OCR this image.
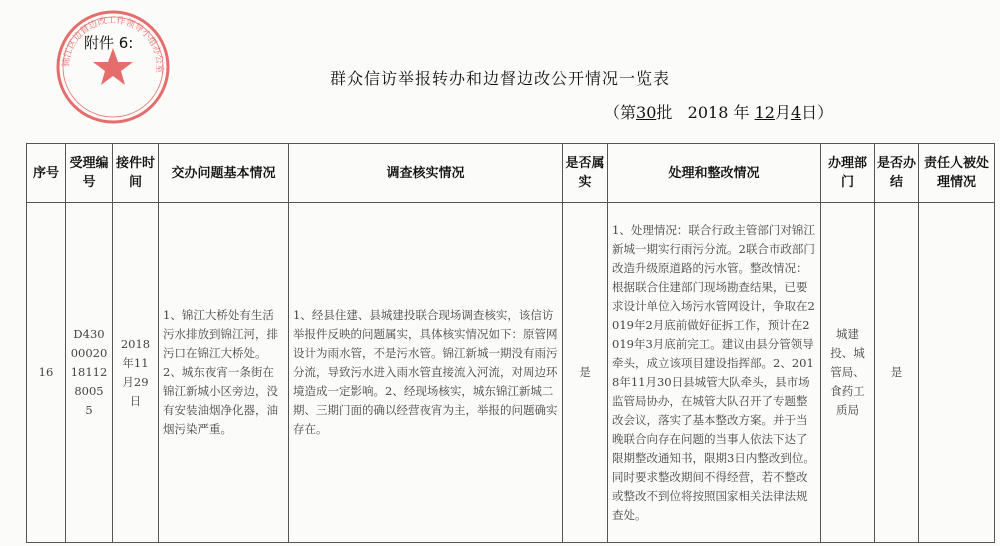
锦江区边督边改工作领导小组办公室
附件 6:
群众信访举报转办和边督边改公开情况一览表
（第30批 2018 年 12月4日）
序号	受理编号	接件时间	交办问题基本情况	调查核实情况	是否属实	处理和整改情况	办理部门	是否办结	责任人被处理情况
16	D43000020181128005 5	2018年11月29日	1、锦江大桥处有生活污水排放到锦江河，排污口在锦江大桥处。2、城东夜宵一条街在锦江新城小区旁边，没有安装油烟净化器，油烟污染严重。	1、经县住建、县城建投联合现场调查核实，该信访举报件反映的问题属实，具体核实情况如下：原管网设计为雨水管，不是污水管。锦江新城一期没有雨污分流，导致污水进入雨水管直接流入河流，对周边环境造成一定影响。2、经现场核实，城东锦江新城二期、三期门面的确以经营夜宵为主，举报的问题确实存在。	是	1、处理情况：联合行政主管部门对锦江新城一期实行雨污分流。2联合市政部门改造升级原道路的污水管。整改情况：根据联合住建部门现场勘查结果，已要求设计单位入场污水管网设计，争取在2019年2月底前做好征拆工作，预计在2019年3月底前完工。建议由县分管领导牵头，成立该项目建设指挥部。2、2018年11月30日县城管大队牵头，县市场监管局协办，在城管大队召开了专题整改会议，落实了基本整改方案。并于当晚联合向存在问题的当事人依法下达了限期整改通知书，限期3日内整改到位。同时要求整改期间不得经营，若不整改或整改不到位将按照国家相关法律法规查处。	城建投、城管局、食药工质局	是	
